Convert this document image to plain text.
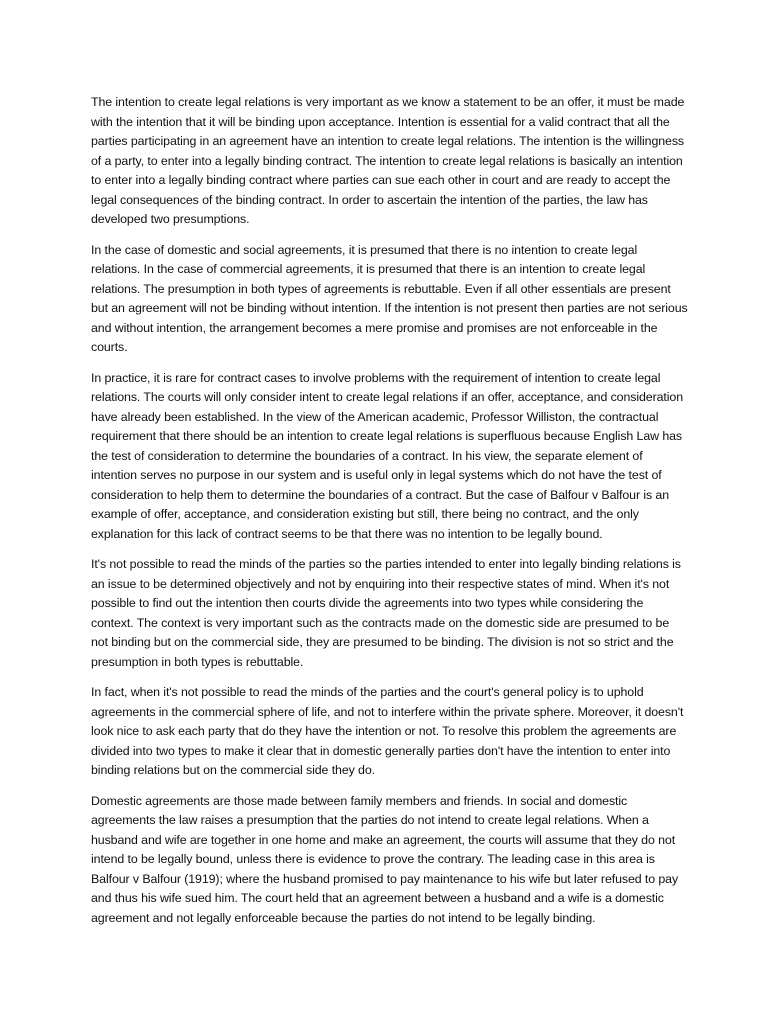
The intention to create legal relations is very important as we know a statement to be an offer, it must be made with the intention that it will be binding upon acceptance. Intention is essential for a valid contract that all the parties participating in an agreement have an intention to create legal relations. The intention is the willingness of a party, to enter into a legally binding contract. The intention to create legal relations is basically an intention to enter into a legally binding contract where parties can sue each other in court and are ready to accept the legal consequences of the binding contract. In order to ascertain the intention of the parties, the law has developed two presumptions.

In the case of domestic and social agreements, it is presumed that there is no intention to create legal relations. In the case of commercial agreements, it is presumed that there is an intention to create legal relations. The presumption in both types of agreements is rebuttable. Even if all other essentials are present but an agreement will not be binding without intention. If the intention is not present then parties are not serious and without intention, the arrangement becomes a mere promise and promises are not enforceable in the courts.

In practice, it is rare for contract cases to involve problems with the requirement of intention to create legal relations. The courts will only consider intent to create legal relations if an offer, acceptance, and consideration have already been established. In the view of the American academic, Professor Williston, the contractual requirement that there should be an intention to create legal relations is superfluous because English Law has the test of consideration to determine the boundaries of a contract. In his view, the separate element of intention serves no purpose in our system and is useful only in legal systems which do not have the test of consideration to help them to determine the boundaries of a contract. But the case of Balfour v Balfour is an example of offer, acceptance, and consideration existing but still, there being no contract, and the only explanation for this lack of contract seems to be that there was no intention to be legally bound.

It's not possible to read the minds of the parties so the parties intended to enter into legally binding relations is an issue to be determined objectively and not by enquiring into their respective states of mind. When it's not possible to find out the intention then courts divide the agreements into two types while considering the context. The context is very important such as the contracts made on the domestic side are presumed to be not binding but on the commercial side, they are presumed to be binding. The division is not so strict and the presumption in both types is rebuttable.

In fact, when it's not possible to read the minds of the parties and the court's general policy is to uphold agreements in the commercial sphere of life, and not to interfere within the private sphere. Moreover, it doesn't look nice to ask each party that do they have the intention or not. To resolve this problem the agreements are divided into two types to make it clear that in domestic generally parties don't have the intention to enter into binding relations but on the commercial side they do.

Domestic agreements are those made between family members and friends. In social and domestic agreements the law raises a presumption that the parties do not intend to create legal relations. When a husband and wife are together in one home and make an agreement, the courts will assume that they do not intend to be legally bound, unless there is evidence to prove the contrary. The leading case in this area is Balfour v Balfour (1919); where the husband promised to pay maintenance to his wife but later refused to pay and thus his wife sued him. The court held that an agreement between a husband and a wife is a domestic agreement and not legally enforceable because the parties do not intend to be legally binding.
